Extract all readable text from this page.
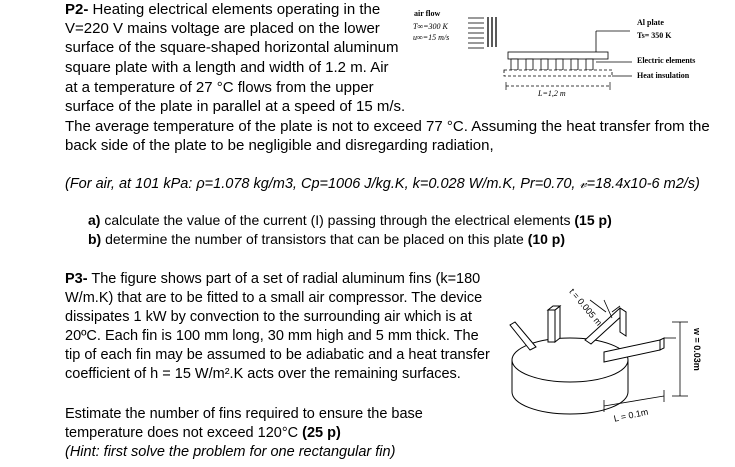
P2- Heating electrical elements operating in the
V=220 V mains voltage are placed on the lower
surface of the square-shaped horizontal aluminum
square plate with a length and width of 1.2 m. Air
at a temperature of 27 °C flows from the upper
surface of the plate in parallel at a speed of 15 m/s.
The average temperature of the plate is not to exceed 77 °C. Assuming the heat transfer from the
back side of the plate to be negligible and disregarding radiation,
(For air, at 101 kPa: ρ=1.078 kg/m3, Cp=1006 J/kg.K, k=0.028 W/m.K, Pr=0.70, 𝓋=18.4x10-6 m2/s)
a) calculate the value of the current (I) passing through the electrical elements (15 p)
b) determine the number of transistors that can be placed on this plate (10 p)
air flow
T∞=300 K
u∞=15 m/s
Al plate
Ts= 350 K
Electric elements
Heat insulation
L=1,2 m
P3- The figure shows part of a set of radial aluminum fins (k=180
W/m.K) that are to be fitted to a small air compressor. The device
dissipates 1 kW by convection to the surrounding air which is at
20ºC. Each fin is 100 mm long, 30 mm high and 5 mm thick. The
tip of each fin may be assumed to be adiabatic and a heat transfer
coefficient of h = 15 W/m².K acts over the remaining surfaces.
Estimate the number of fins required to ensure the base
temperature does not exceed 120°C (25 p)
(Hint: first solve the problem for one rectangular fin)
t = 0.005 m
w = 0.03m
L = 0.1m
